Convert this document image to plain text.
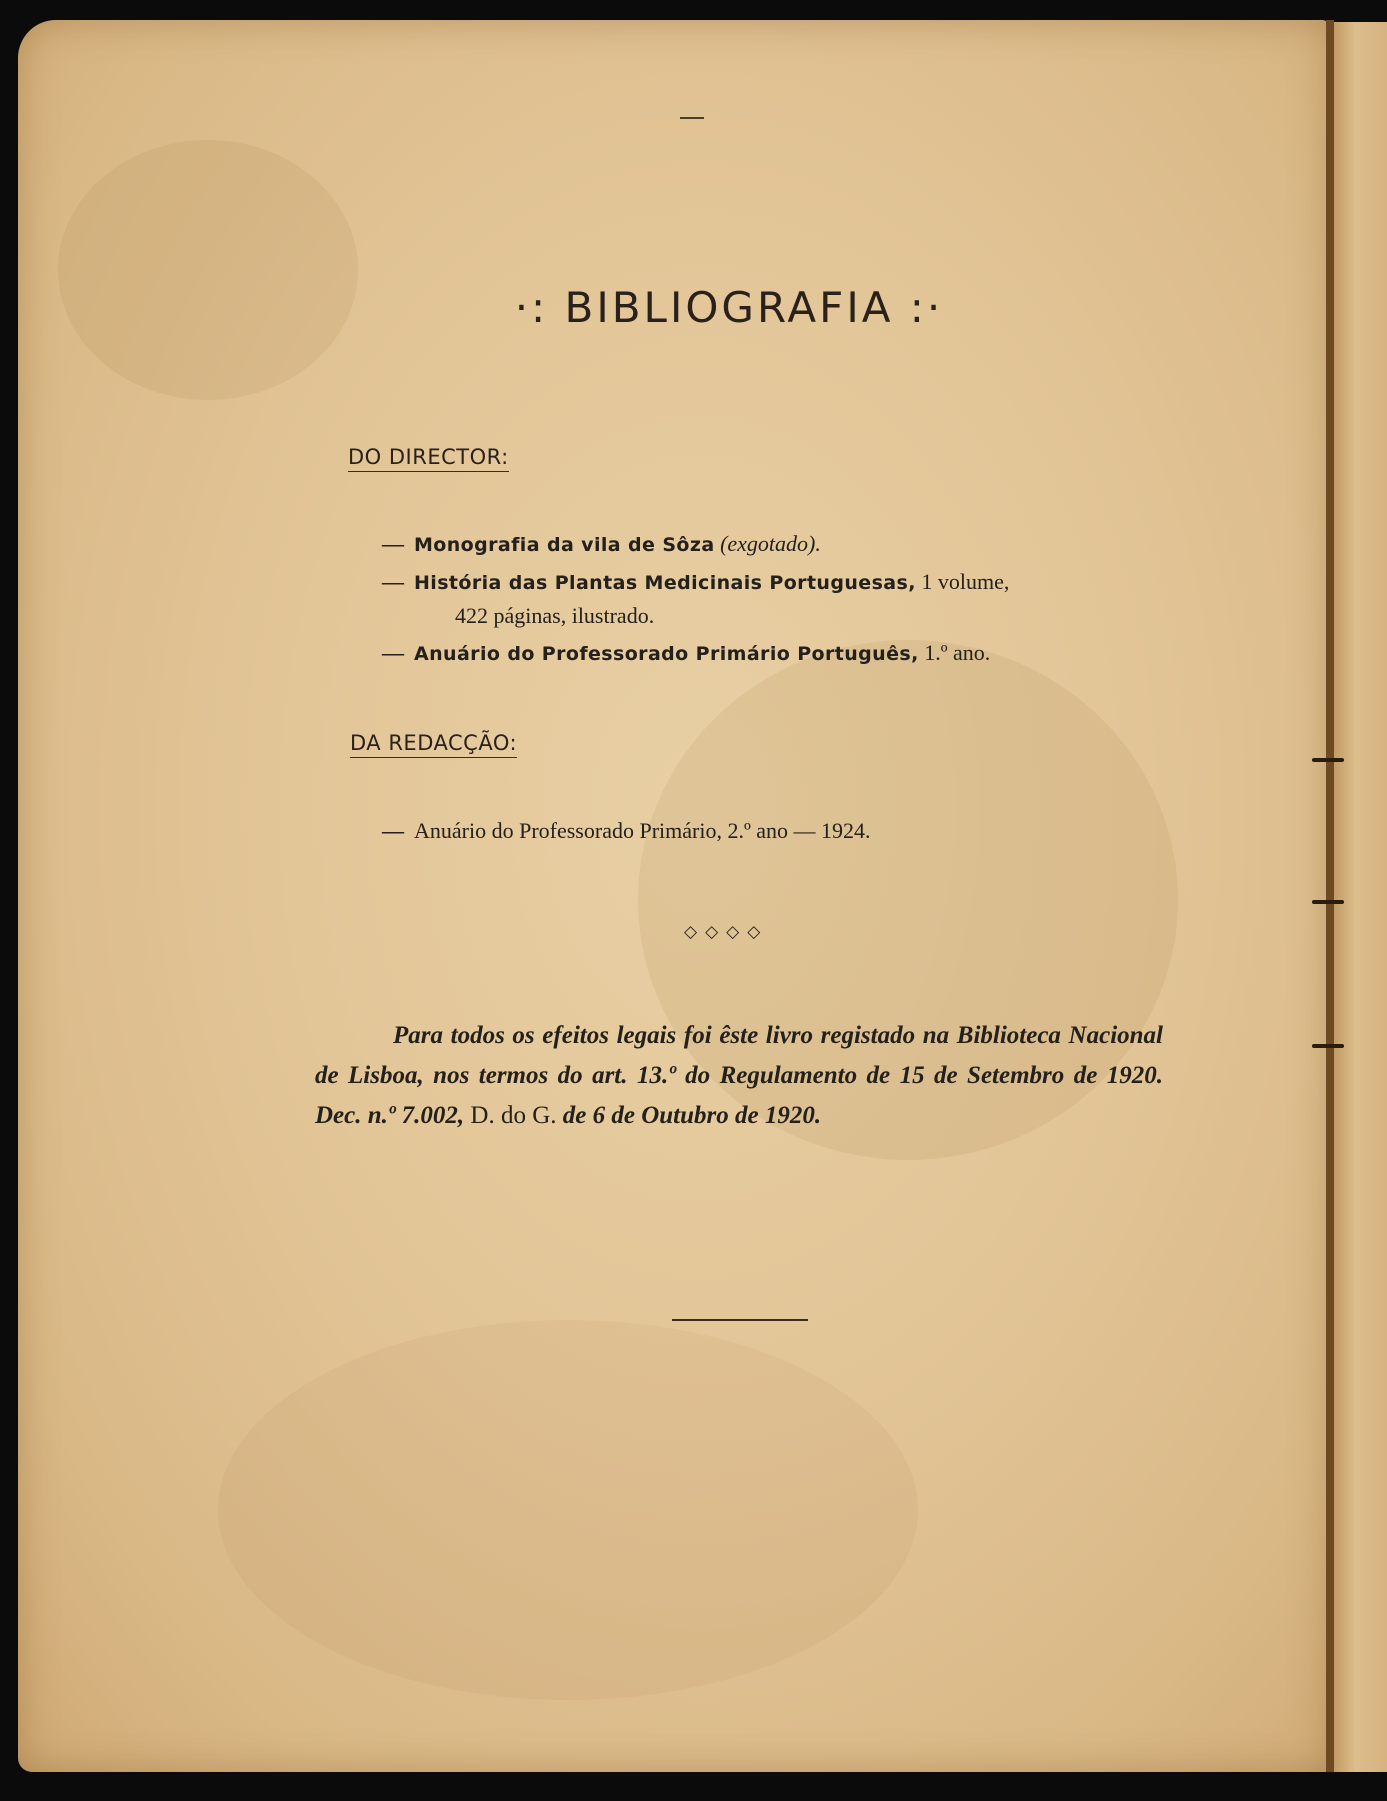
·: BIBLIOGRAFIA :·
DO DIRECTOR:
— Monografia da vila de Sôza (exgotado).
— História das Plantas Medicinais Portuguesas, 1 volume,
422 páginas, ilustrado.
— Anuário do Professorado Primário Português, 1.º ano.
DA REDACÇÃO:
— Anuário do Professorado Primário, 2.º ano — 1924.
◇◇◇◇
Para todos os efeitos legais foi êste livro registado na Biblioteca Nacional de Lisboa, nos termos do art. 13.º do Regulamento de 15 de Setembro de 1920. Dec. n.º 7.002, D. do G. de 6 de Outubro de 1920.
